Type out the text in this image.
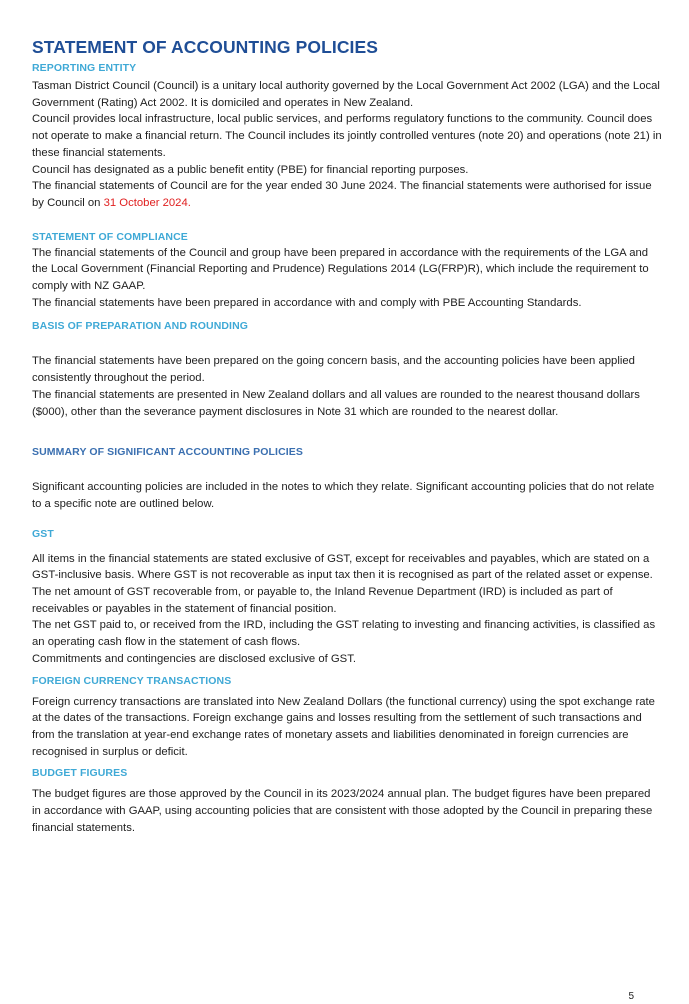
STATEMENT OF ACCOUNTING POLICIES
REPORTING ENTITY

Tasman District Council (Council) is a unitary local authority governed by the Local Government Act 2002 (LGA) and the Local Government (Rating) Act 2002. It is domiciled and operates in New Zealand.

Council provides local infrastructure, local public services, and performs regulatory functions to the community. Council does not operate to make a financial return. The Council includes its jointly controlled ventures (note 20) and operations (note 21) in these financial statements.

Council has designated as a public benefit entity (PBE) for financial reporting purposes.

The financial statements of Council are for the year ended 30 June 2024. The financial statements were authorised for issue by Council on 31 October 2024.

STATEMENT OF COMPLIANCE

The financial statements of the Council and group have been prepared in accordance with the requirements of the LGA and the Local Government (Financial Reporting and Prudence) Regulations 2014 (LG(FRP)R), which include the requirement to comply with NZ GAAP.

The financial statements have been prepared in accordance with and comply with PBE Accounting Standards.

BASIS OF PREPARATION AND ROUNDING

The financial statements have been prepared on the going concern basis, and the accounting policies have been applied consistently throughout the period.

The financial statements are presented in New Zealand dollars and all values are rounded to the nearest thousand dollars ($000), other than the severance payment disclosures in Note 31 which are rounded to the nearest dollar.

SUMMARY OF SIGNIFICANT ACCOUNTING POLICIES

Significant accounting policies are included in the notes to which they relate. Significant accounting policies that do not relate to a specific note are outlined below.

GST

All items in the financial statements are stated exclusive of GST, except for receivables and payables, which are stated on a GST-inclusive basis. Where GST is not recoverable as input tax then it is recognised as part of the related asset or expense.

The net amount of GST recoverable from, or payable to, the Inland Revenue Department (IRD) is included as part of receivables or payables in the statement of financial position.

The net GST paid to, or received from the IRD, including the GST relating to investing and financing activities, is classified as an operating cash flow in the statement of cash flows.

Commitments and contingencies are disclosed exclusive of GST.

FOREIGN CURRENCY TRANSACTIONS

Foreign currency transactions are translated into New Zealand Dollars (the functional currency) using the spot exchange rate at the dates of the transactions. Foreign exchange gains and losses resulting from the settlement of such transactions and from the translation at year-end exchange rates of monetary assets and liabilities denominated in foreign currencies are recognised in surplus or deficit.

BUDGET FIGURES

The budget figures are those approved by the Council in its 2023/2024 annual plan. The budget figures have been prepared in accordance with GAAP, using accounting policies that are consistent with those adopted by the Council in preparing these financial statements.

5
